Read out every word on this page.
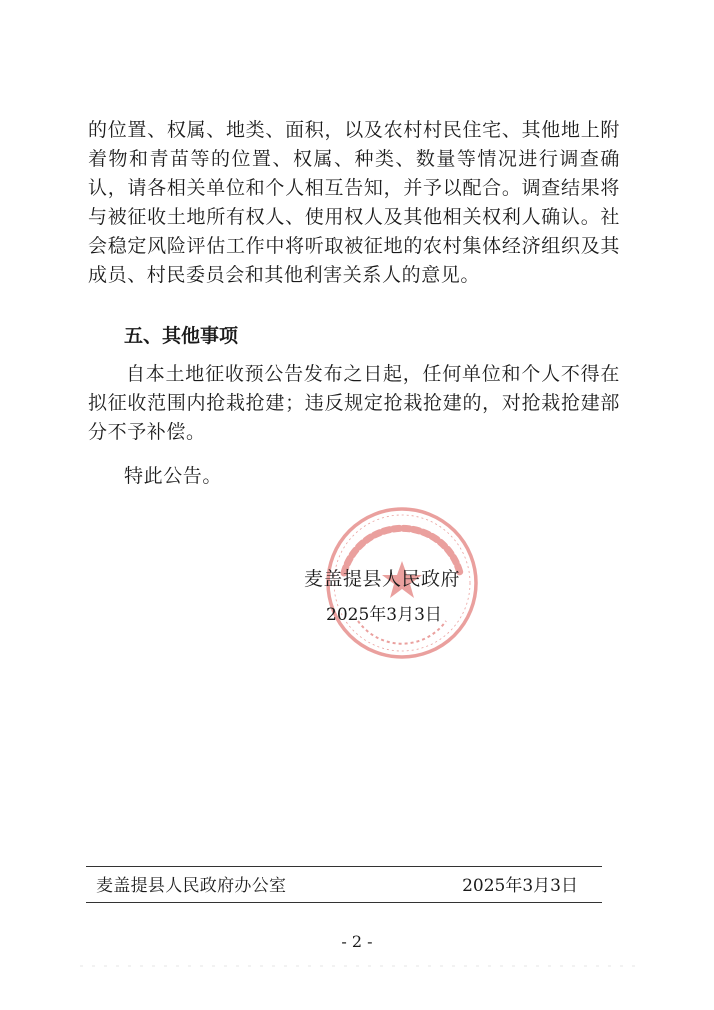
的位置、权属、地类、面积，以及农村村民住宅、其他地上附着物和青苗等的位置、权属、种类、数量等情况进行调查确认，请各相关单位和个人相互告知，并予以配合。调查结果将与被征收土地所有权人、使用权人及其他相关权利人确认。社会稳定风险评估工作中将听取被征地的农村集体经济组织及其成员、村民委员会和其他利害关系人的意见。

五、其他事项

自本土地征收预公告发布之日起，任何单位和个人不得在拟征收范围内抢栽抢建；违反规定抢栽抢建的，对抢栽抢建部分不予补偿。

特此公告。

麦盖提县人民政府

2025年3月3日

麦盖提县人民政府办公室	2025年3月3日

- 2 -
